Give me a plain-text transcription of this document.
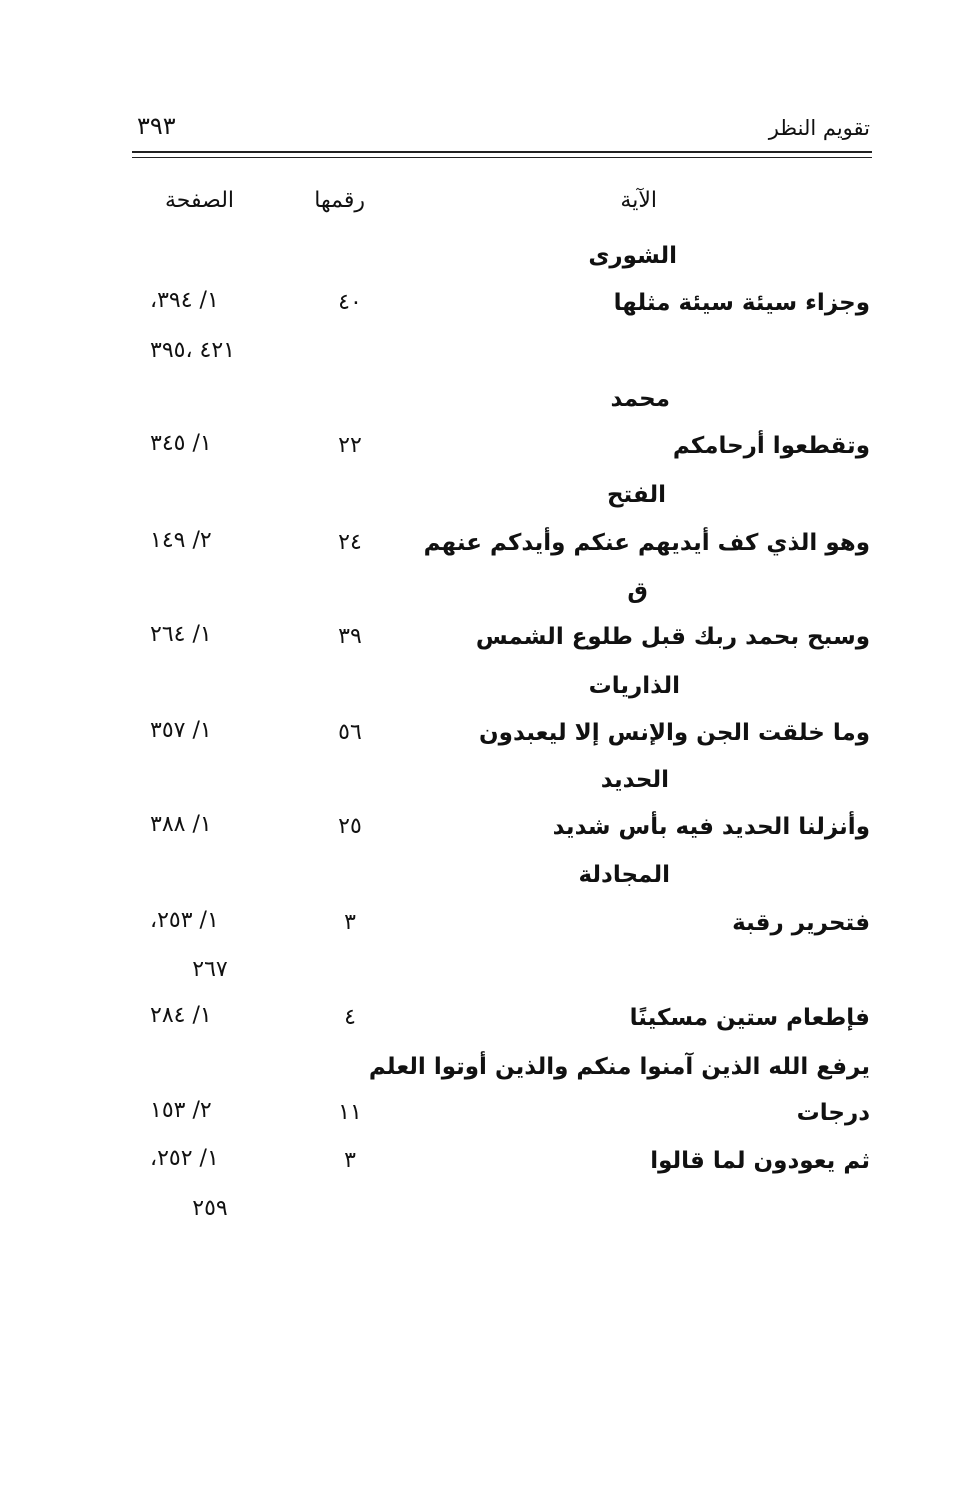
تقويم النظر
٣٩٣
الآية
رقمها
الصفحة
الشورى
وجزاء سيئة سيئة مثلها
٤٠
١/ ٣٩٤،
٤٢١ ،٣٩٥
محمد
وتقطعوا أرحامكم
٢٢
١/ ٣٤٥
الفتح
وهو الذي كف أيديهم عنكم وأيدكم عنهم
٢٤
٢/ ١٤٩
ق
وسبح بحمد ربك قبل طلوع الشمس
٣٩
١/ ٢٦٤
الذاريات
وما خلقت الجن والإنس إلا ليعبدون
٥٦
١/ ٣٥٧
الحديد
وأنزلنا الحديد فيه بأس شديد
٢٥
١/ ٣٨٨
المجادلة
فتحرير رقبة
٣
١/ ٢٥٣،
٢٦٧
فإطعام ستين مسكينًا
٤
١/ ٢٨٤
يرفع الله الذين آمنوا منكم والذين أوتوا العلم
درجات
١١
٢/ ١٥٣
ثم يعودون لما قالوا
٣
١/ ٢٥٢،
٢٥٩
